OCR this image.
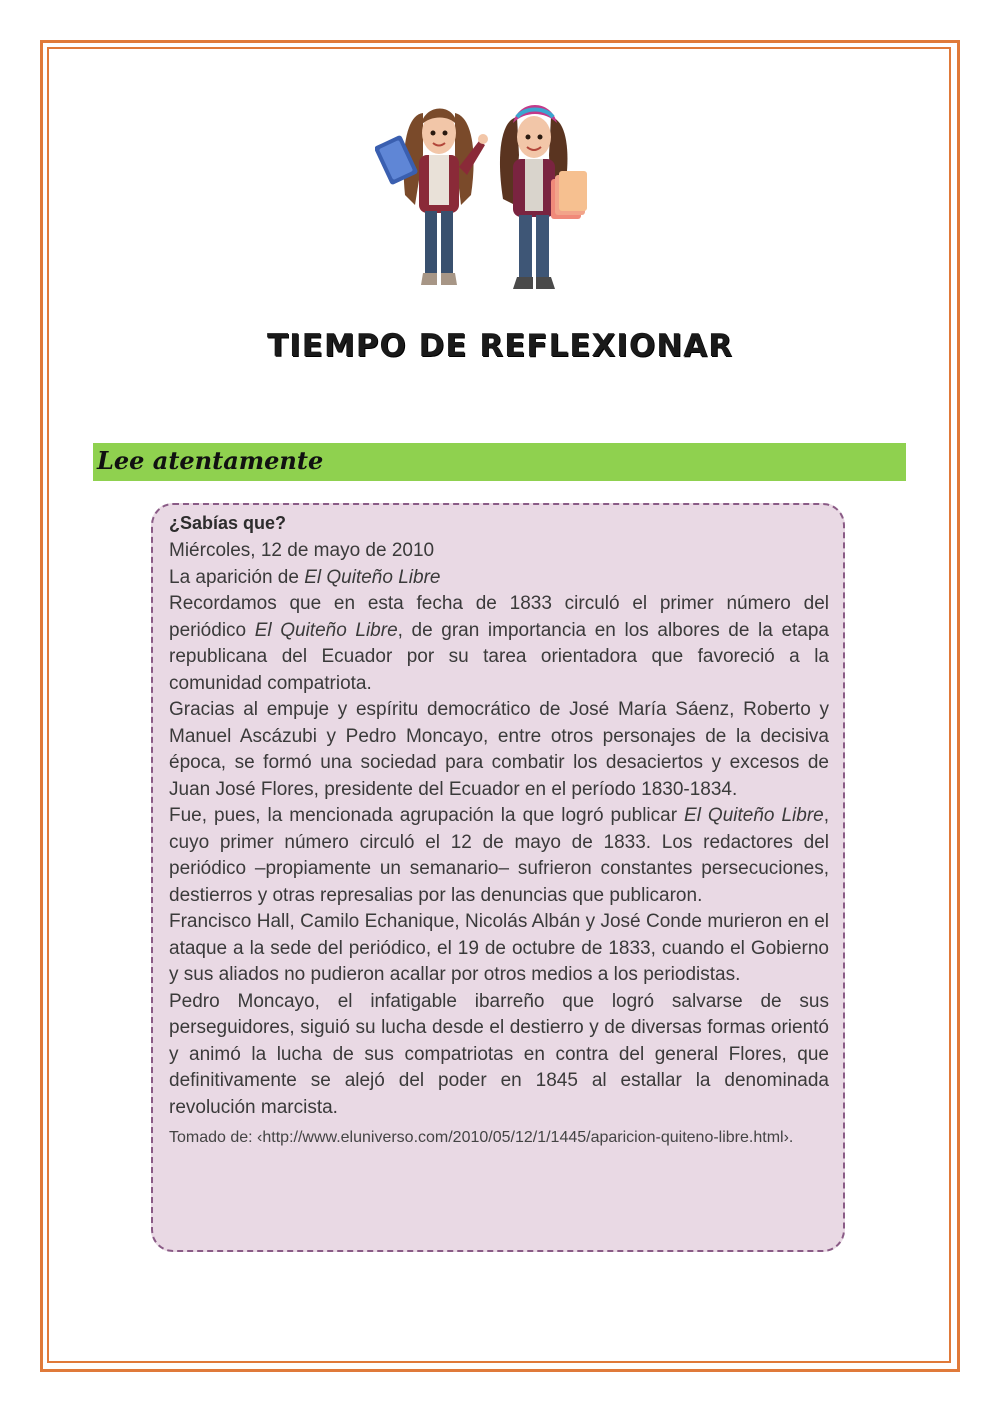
TIEMPO DE REFLEXIONAR
Lee atentamente
¿Sabías que?

Miércoles, 12 de mayo de 2010

La aparición de El Quiteño Libre

Recordamos que en esta fecha de 1833 circuló el primer número del periódico El Quiteño Libre, de gran importancia en los albores de la etapa republicana del Ecuador por su tarea orientadora que favoreció a la comunidad compatriota.

Gracias al empuje y espíritu democrático de José María Sáenz, Roberto y Manuel Ascázubi y Pedro Moncayo, entre otros personajes de la decisiva época, se formó una sociedad para combatir los desaciertos y excesos de Juan José Flores, presidente del Ecuador en el período 1830-1834.

Fue, pues, la mencionada agrupación la que logró publicar El Quiteño Libre, cuyo primer número circuló el 12 de mayo de 1833. Los redactores del periódico –propiamente un semanario– sufrieron constantes persecuciones, destierros y otras represalias por las denuncias que publicaron.

Francisco Hall, Camilo Echanique, Nicolás Albán y José Conde murieron en el ataque a la sede del periódico, el 19 de octubre de 1833, cuando el Gobierno y sus aliados no pudieron acallar por otros medios a los periodistas.

Pedro Moncayo, el infatigable ibarreño que logró salvarse de sus perseguidores, siguió su lucha desde el destierro y de diversas formas orientó y animó la lucha de sus compatriotas en contra del general Flores, que definitivamente se alejó del poder en 1845 al estallar la denominada revolución marcista.

Tomado de: ‹http://www.eluniverso.com/2010/05/12/1/1445/aparicion-quiteno-libre.html›.
